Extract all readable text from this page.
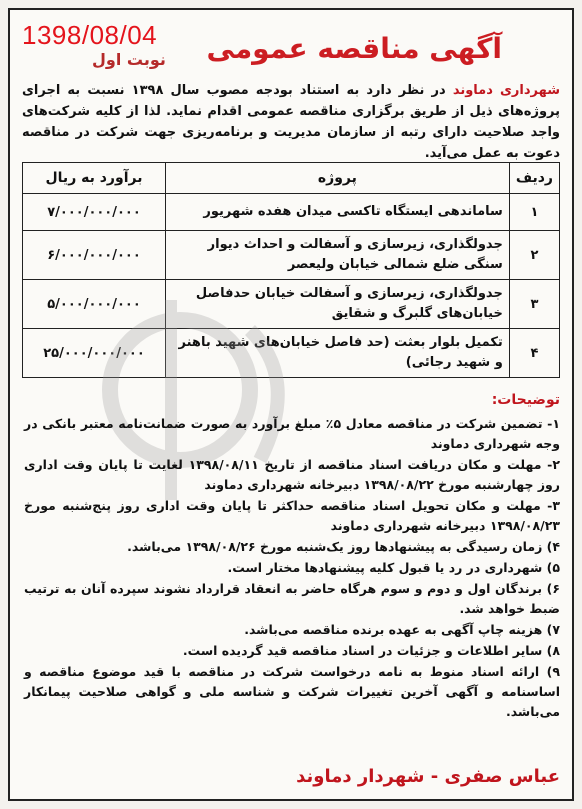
1398/08/04
نوبت اول آگهی مناقصه عمومی
شهرداری دماوند در نظر دارد به استناد بودجه مصوب سال ۱۳۹۸ نسبت به اجرای پروژه‌های ذیل از طریق برگزاری مناقصه عمومی اقدام نماید. لذا از کلیه شرکت‌های واجد صلاحیت دارای رتبه از سازمان مدیریت و برنامه‌ریزی جهت شرکت در مناقصه دعوت به عمل می‌آید.
ردیف	پروژه	برآورد به ریال
۱	ساماندهی ایستگاه تاکسی میدان هفده شهریور	۷/۰۰۰/۰۰۰/۰۰۰
۲	جدولگذاری، زیرسازی و آسفالت و احداث دیوار سنگی ضلع شمالی خیابان ولیعصر	۶/۰۰۰/۰۰۰/۰۰۰
۳	جدولگذاری، زیرسازی و آسفالت خیابان حدفاصل خیابان‌های گلبرگ و شقایق	۵/۰۰۰/۰۰۰/۰۰۰
۴	تکمیل بلوار بعثت (حد فاصل خیابان‌های شهید باهنر و شهید رجائی)	۲۵/۰۰۰/۰۰۰/۰۰۰
توضیحات:
۱- تضمین شرکت در مناقصه معادل ۵٪ مبلغ برآورد به صورت ضمانت‌نامه معتبر بانکی در وجه شهرداری دماوند
۲- مهلت و مکان دریافت اسناد مناقصه از تاریخ ۱۳۹۸/۰۸/۱۱ لغایت تا پایان وقت اداری روز چهارشنبه مورخ ۱۳۹۸/۰۸/۲۲ دبیرخانه شهرداری دماوند
۳- مهلت و مکان تحویل اسناد مناقصه حداکثر تا پایان وقت اداری روز پنج‌شنبه مورخ ۱۳۹۸/۰۸/۲۳ دبیرخانه شهرداری دماوند
۴) زمان رسیدگی به پیشنهادها روز یک‌شنبه مورخ ۱۳۹۸/۰۸/۲۶ می‌باشد.
۵) شهرداری در رد یا قبول کلیه پیشنهادها مختار است.
۶) برندگان اول و دوم و سوم هرگاه حاضر به انعقاد قرارداد نشوند سپرده آنان به ترتیب ضبط خواهد شد.
۷) هزینه چاپ آگهی به عهده برنده مناقصه می‌باشد.
۸) سایر اطلاعات و جزئیات در اسناد مناقصه قید گردیده است.
۹) ارائه اسناد منوط به نامه درخواست شرکت در مناقصه با قید موضوع مناقصه و اساسنامه و آگهی آخرین تغییرات شرکت و شناسه ملی و گواهی صلاحیت پیمانکار می‌باشد.
عباس صفری - شهردار دماوند
